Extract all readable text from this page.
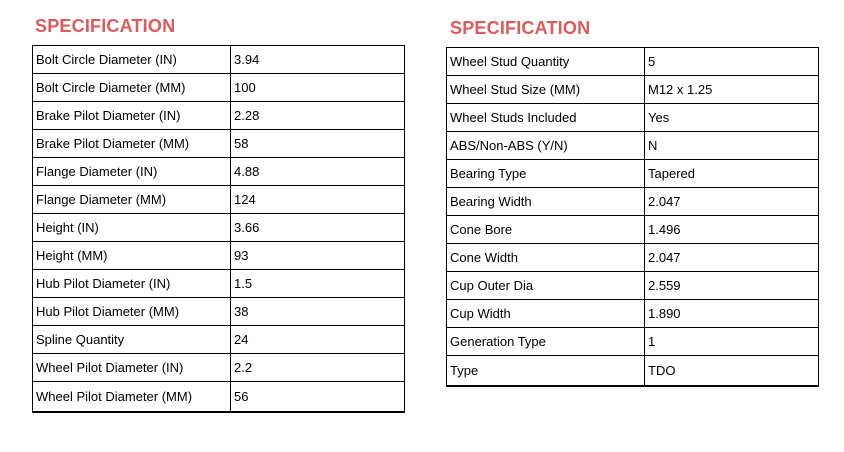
SPECIFICATION
Bolt Circle Diameter (IN)	3.94
Bolt Circle Diameter (MM)	100
Brake Pilot Diameter (IN)	2.28
Brake Pilot Diameter (MM)	58
Flange Diameter (IN)	4.88
Flange Diameter (MM)	124
Height (IN)	3.66
Height (MM)	93
Hub Pilot Diameter (IN)	1.5
Hub Pilot Diameter (MM)	38
Spline Quantity	24
Wheel Pilot Diameter (IN)	2.2
Wheel Pilot Diameter (MM)	56
SPECIFICATION
Wheel Stud Quantity	5
Wheel Stud Size (MM)	M12 x 1.25
Wheel Studs Included	Yes
ABS/Non-ABS (Y/N)	N
Bearing Type	Tapered
Bearing Width	2.047
Cone Bore	1.496
Cone Width	2.047
Cup Outer Dia	2.559
Cup Width	1.890
Generation Type	1
Type	TDO
